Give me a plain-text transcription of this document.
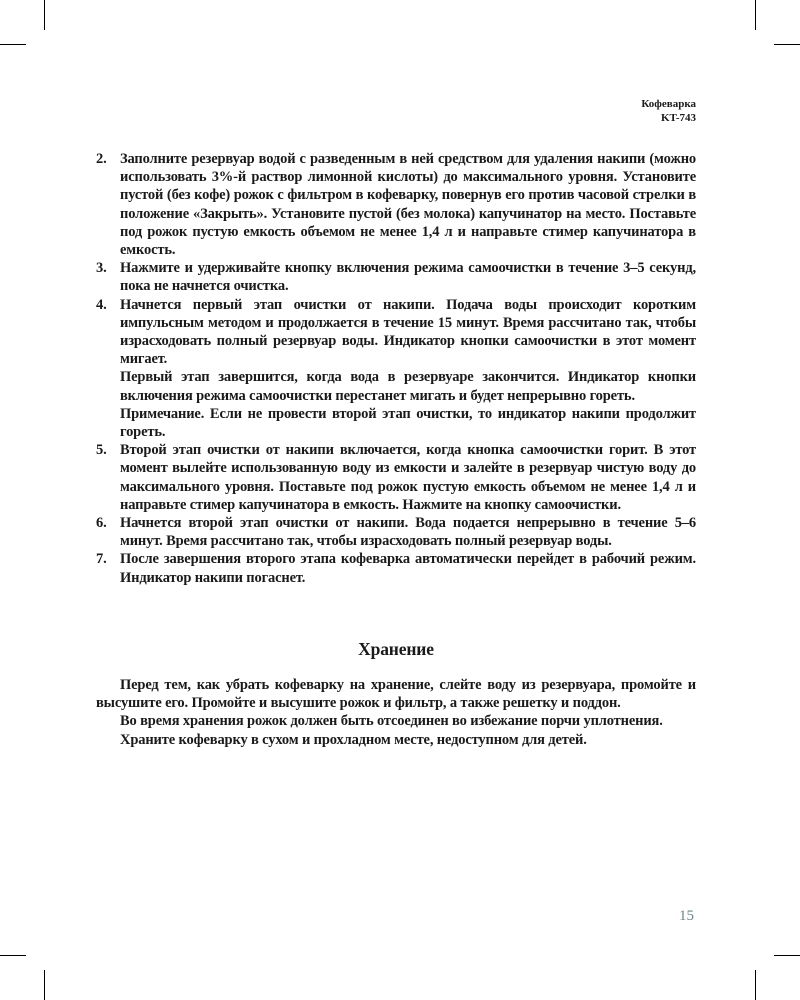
Кофеварка
KT-743
2. Заполните резервуар водой с разведенным в ней средством для удаления накипи (можно использовать 3%-й раствор лимонной кислоты) до максимального уровня. Установите пустой (без кофе) рожок с фильтром в кофеварку, повернув его против часовой стрелки в положение «Закрыть». Установите пустой (без молока) капучинатор на место. Поставьте под рожок пустую емкость объемом не менее 1,4 л и направьте стимер капучинатора в емкость.

3. Нажмите и удерживайте кнопку включения режима самоочистки в течение 3–5 секунд, пока не начнется очистка.

4. Начнется первый этап очистки от накипи. Подача воды происходит коротким импульсным методом и продолжается в течение 15 минут. Время рассчитано так, чтобы израсходовать полный резервуар воды. Индикатор кнопки самоочистки в этот момент мигает.

Первый этап завершится, когда вода в резервуаре закончится. Индикатор кнопки включения режима самоочистки перестанет мигать и будет непрерывно гореть.

Примечание. Если не провести второй этап очистки, то индикатор накипи продолжит гореть.

5. Второй этап очистки от накипи включается, когда кнопка самоочистки горит. В этот момент вылейте использованную воду из емкости и залейте в резервуар чистую воду до максимального уровня. Поставьте под рожок пустую емкость объемом не менее 1,4 л и направьте стимер капучинатора в емкость. Нажмите на кнопку самоочистки.

6. Начнется второй этап очистки от накипи. Вода подается непрерывно в течение 5–6 минут. Время рассчитано так, чтобы израсходовать полный резервуар воды.

7. После завершения второго этапа кофеварка автоматически перейдет в рабочий режим. Индикатор накипи погаснет.

Хранение

Перед тем, как убрать кофеварку на хранение, слейте воду из резервуара, промойте и высушите его. Промойте и высушите рожок и фильтр, а также решетку и поддон.

Во время хранения рожок должен быть отсоединен во избежание порчи уплотнения.

Храните кофеварку в сухом и прохладном месте, недоступном для детей.

15
